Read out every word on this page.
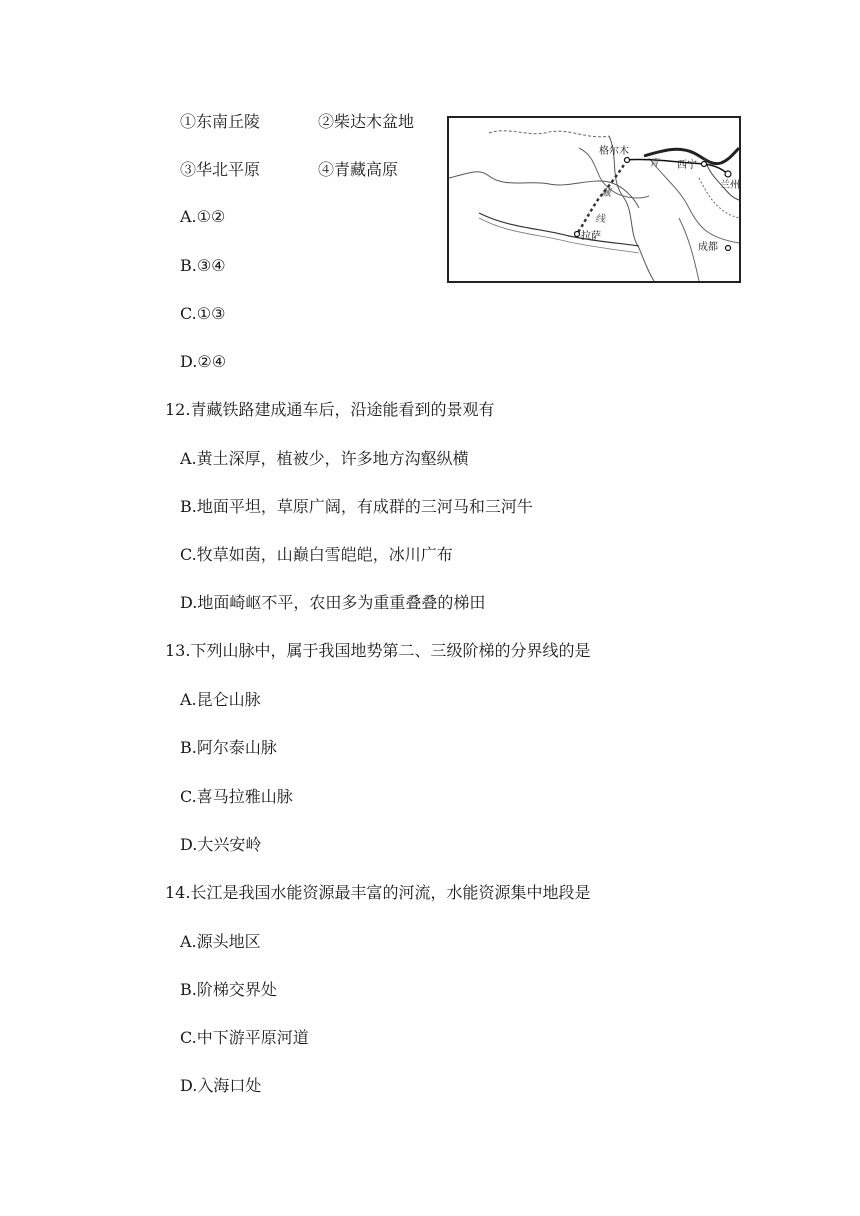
①东南丘陵	②柴达木盆地
③华北平原	④青藏高原
A.①②
B.③④
C.①③
D.②④
格尔木
西宁
兰州
拉萨
成都
青
藏
线
12.青藏铁路建成通车后，沿途能看到的景观有
A.黄土深厚，植被少，许多地方沟壑纵横
B.地面平坦，草原广阔，有成群的三河马和三河牛
C.牧草如茵，山巅白雪皑皑，冰川广布
D.地面崎岖不平，农田多为重重叠叠的梯田
13.下列山脉中，属于我国地势第二、三级阶梯的分界线的是
A.昆仑山脉
B.阿尔泰山脉
C.喜马拉雅山脉
D.大兴安岭
14.长江是我国水能资源最丰富的河流，水能资源集中地段是
A.源头地区
B.阶梯交界处
C.中下游平原河道
D.入海口处
